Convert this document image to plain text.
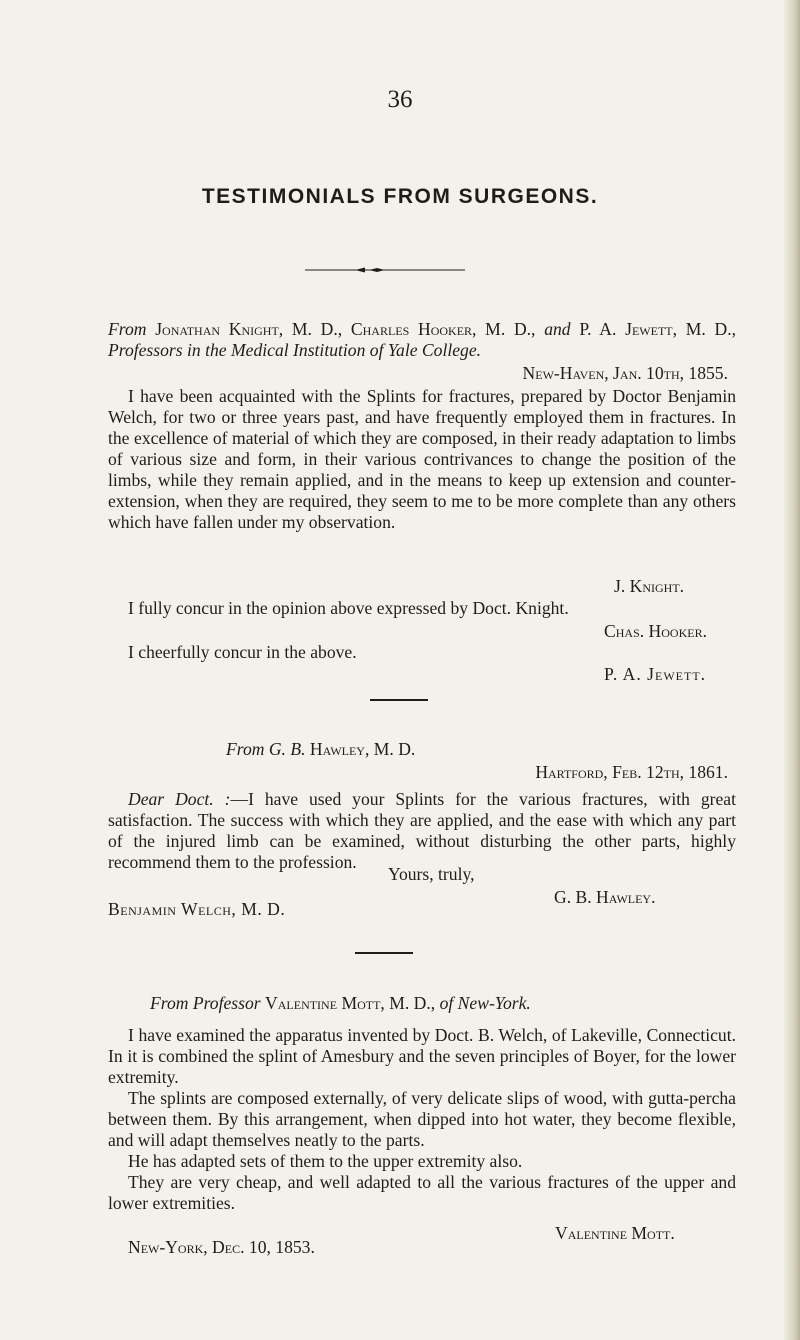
36
TESTIMONIALS FROM SURGEONS.

From Jonathan Knight, M. D., Charles Hooker, M. D., and P. A. Jewett, M. D., Professors in the Medical Institution of Yale College.

New-Haven, Jan. 10th, 1855.

I have been acquainted with the Splints for fractures, prepared by Doctor Benjamin Welch, for two or three years past, and have frequently employed them in fractures. In the excellence of material of which they are composed, in their ready adaptation to limbs of various size and form, in their various contrivances to change the position of the limbs, while they remain applied, and in the means to keep up extension and counter-extension, when they are required, they seem to me to be more complete than any others which have fallen under my observation.

J. Knight.

I fully concur in the opinion above expressed by Doct. Knight.

Chas. Hooker.

I cheerfully concur in the above.

P. A. Jewett.
From G. B. Hawley, M. D.
Hartford, Feb. 12th, 1861.

Dear Doct. :—I have used your Splints for the various fractures, with great satisfaction. The success with which they are applied, and the ease with which any part of the injured limb can be examined, without disturbing the other parts, highly recommend them to the profession.

Yours, truly,
G. B. Hawley.
Benjamin Welch, M. D.
From Professor Valentine Mott, M. D., of New-York.

I have examined the apparatus invented by Doct. B. Welch, of Lakeville, Connecticut. In it is combined the splint of Amesbury and the seven principles of Boyer, for the lower extremity.

The splints are composed externally, of very delicate slips of wood, with gutta-percha between them. By this arrangement, when dipped into hot water, they become flexible, and will adapt themselves neatly to the parts.

He has adapted sets of them to the upper extremity also.

They are very cheap, and well adapted to all the various fractures of the upper and lower extremities.

Valentine Mott.
New-York, Dec. 10, 1853.
